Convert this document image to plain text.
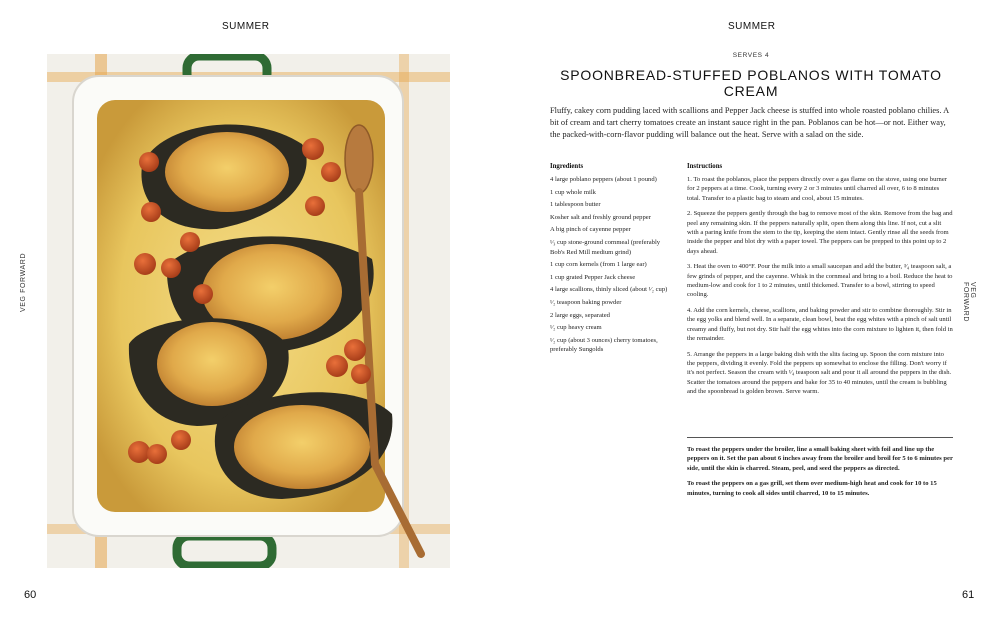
SUMMER
VEG FORWARD
60
SUMMER
VEG FORWARD
61
SERVES 4
SPOONBREAD-STUFFED POBLANOS WITH TOMATO CREAM

Fluffy, cakey corn pudding laced with scallions and Pepper Jack cheese is stuffed into whole roasted poblano chilies. A bit of cream and tart cherry tomatoes create an instant sauce right in the pan. Poblanos can be hot—or not. Either way, the packed-with-corn-flavor pudding will balance out the heat. Serve with a salad on the side.

Ingredients
4 large poblano peppers (about 1 pound)
1 cup whole milk
1 tablespoon butter
Kosher salt and freshly ground pepper
A big pinch of cayenne pepper
¹⁄₃ cup stone-ground cornmeal (preferably Bob's Red Mill medium grind)
1 cup corn kernels (from 1 large ear)
1 cup grated Pepper Jack cheese
4 large scallions, thinly sliced (about ¹⁄₂ cup)
¹⁄₂ teaspoon baking powder
2 large eggs, separated
¹⁄₂ cup heavy cream
¹⁄₂ cup (about 3 ounces) cherry tomatoes, preferably Sungolds
Instructions
1. To roast the poblanos, place the peppers directly over a gas flame on the stove, using one burner for 2 peppers at a time. Cook, turning every 2 or 3 minutes until charred all over, 6 to 8 minutes total. Transfer to a plastic bag to steam and cool, about 15 minutes.
2. Squeeze the peppers gently through the bag to remove most of the skin. Remove from the bag and peel any remaining skin. If the peppers naturally split, open them along this line. If not, cut a slit with a paring knife from the stem to the tip, keeping the stem intact. Gently rinse all the seeds from inside the pepper and blot dry with a paper towel. The peppers can be prepped to this point up to 2 days ahead.
3. Heat the oven to 400°F. Pour the milk into a small saucepan and add the butter, ³⁄₄ teaspoon salt, a few grinds of pepper, and the cayenne. Whisk in the cornmeal and bring to a boil. Reduce the heat to medium-low and cook for 1 to 2 minutes, until thickened. Transfer to a bowl, stirring to speed cooling.
4. Add the corn kernels, cheese, scallions, and baking powder and stir to combine thoroughly. Stir in the egg yolks and blend well. In a separate, clean bowl, beat the egg whites with a pinch of salt until creamy and fluffy, but not dry. Stir half the egg whites into the corn mixture to lighten it, then fold in the remainder.
5. Arrange the peppers in a large baking dish with the slits facing up. Spoon the corn mixture into the peppers, dividing it evenly. Fold the peppers up somewhat to enclose the filling. Don't worry if it's not perfect. Season the cream with ¹⁄₄ teaspoon salt and pour it all around the peppers in the dish. Scatter the tomatoes around the peppers and bake for 35 to 40 minutes, until the cream is bubbling and the spoonbread is golden brown. Serve warm.

To roast the peppers under the broiler, line a small baking sheet with foil and line up the peppers on it. Set the pan about 6 inches away from the broiler and broil for 5 to 6 minutes per side, until the skin is charred. Steam, peel, and seed the peppers as directed.

To roast the peppers on a gas grill, set them over medium-high heat and cook for 10 to 15 minutes, turning to cook all sides until charred, 10 to 15 minutes.
